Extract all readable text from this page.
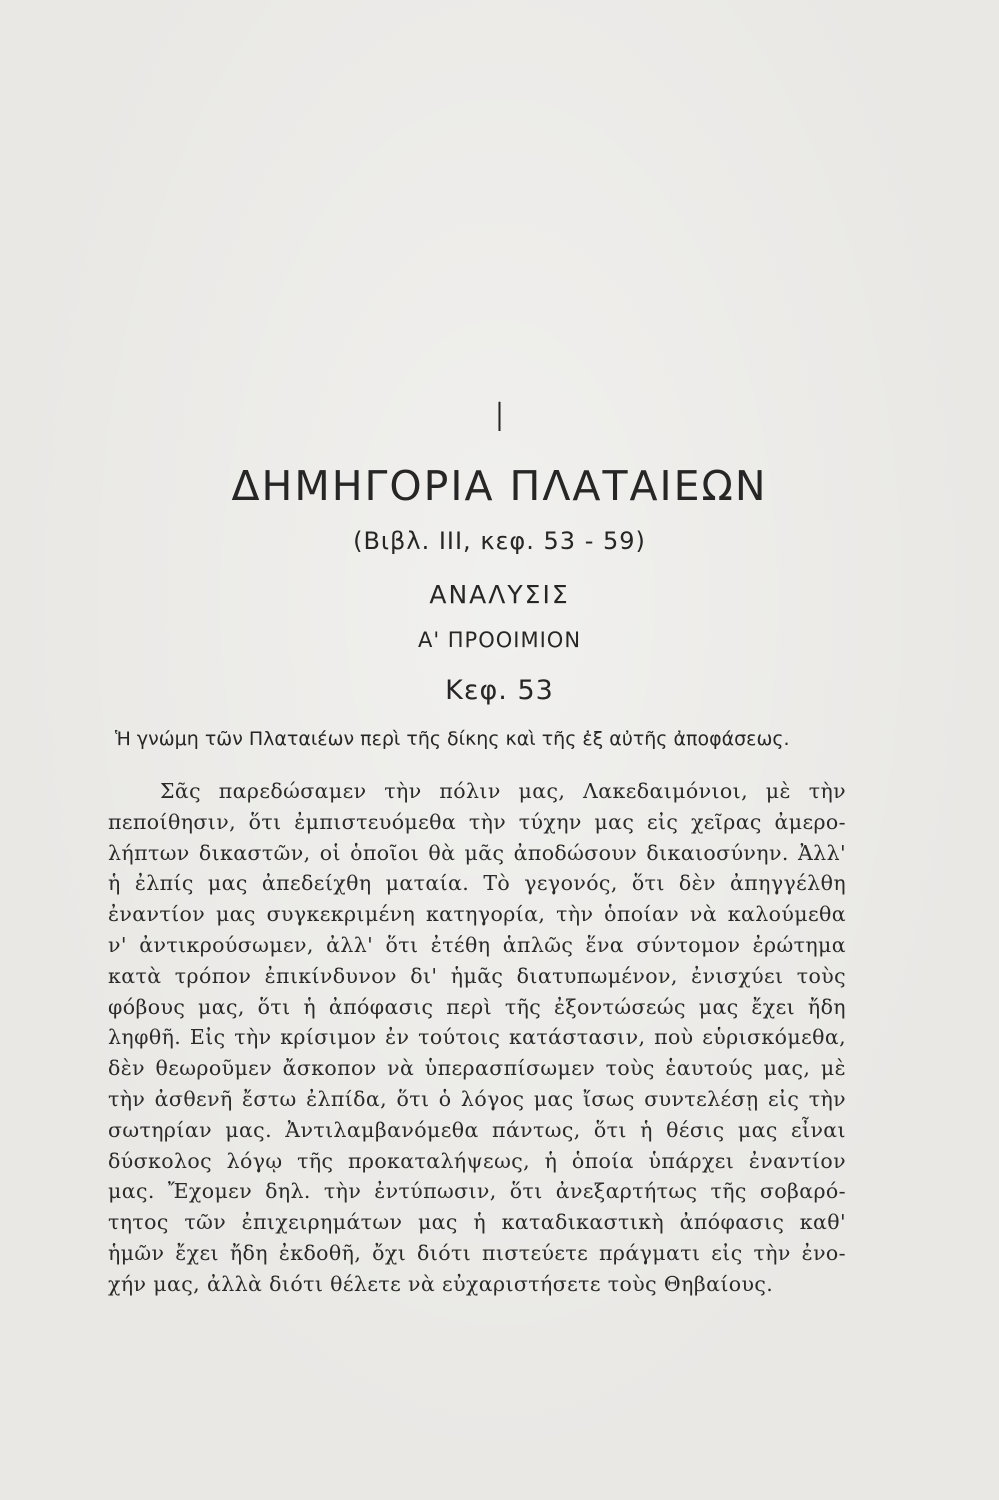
I
ΔΗΜΗΓΟΡΙΑ ΠΛΑΤΑΙΕΩΝ
(Βιβλ. III, κεφ. 53 - 59)
ΑΝΑΛΥΣΙΣ
Α' ΠΡΟΟΙΜΙΟΝ
Κεφ. 53
Ἡ γνώμη τῶν Πλαταιέων περὶ τῆς δίκης καὶ τῆς ἐξ αὐτῆς ἀποφάσεως.
Σᾶς παρεδώσαμεν τὴν πόλιν μας, Λακεδαιμόνιοι, μὲ τὴν
πεποίθησιν, ὅτι ἐμπιστευόμεθα τὴν τύχην μας εἰς χεῖρας ἀμερο-
λήπτων δικαστῶν, οἱ ὁποῖοι θὰ μᾶς ἀποδώσουν δικαιοσύνην. Ἀλλ'
ἡ ἐλπίς μας ἀπεδείχθη ματαία. Τὸ γεγονός, ὅτι δὲν ἀπηγγέλθη
ἐναντίον μας συγκεκριμένη κατηγορία, τὴν ὁποίαν νὰ καλούμεθα
ν' ἀντικρούσωμεν, ἀλλ' ὅτι ἐτέθη ἁπλῶς ἕνα σύντομον ἐρώτημα
κατὰ τρόπον ἐπικίνδυνον δι' ἡμᾶς διατυπωμένον, ἐνισχύει τοὺς
φόβους μας, ὅτι ἡ ἀπόφασις περὶ τῆς ἐξοντώσεώς μας ἔχει ἤδη
ληφθῆ. Εἰς τὴν κρίσιμον ἐν τούτοις κατάστασιν, ποὺ εὑρισκόμεθα,
δὲν θεωροῦμεν ἄσκοπον νὰ ὑπερασπίσωμεν τοὺς ἑαυτούς μας, μὲ
τὴν ἀσθενῆ ἔστω ἐλπίδα, ὅτι ὁ λόγος μας ἴσως συντελέσῃ εἰς τὴν
σωτηρίαν μας. Ἀντιλαμβανόμεθα πάντως, ὅτι ἡ θέσις μας εἶναι
δύσκολος λόγῳ τῆς προκαταλήψεως, ἡ ὁποία ὑπάρχει ἐναντίον
μας. Ἔχομεν δηλ. τὴν ἐντύπωσιν, ὅτι ἀνεξαρτήτως τῆς σοβαρό-
τητος τῶν ἐπιχειρημάτων μας ἡ καταδικαστικὴ ἀπόφασις καθ'
ἡμῶν ἔχει ἤδη ἐκδοθῆ, ὄχι διότι πιστεύετε πράγματι εἰς τὴν ἐνο-
χήν μας, ἀλλὰ διότι θέλετε νὰ εὐχαριστήσετε τοὺς Θηβαίους.
